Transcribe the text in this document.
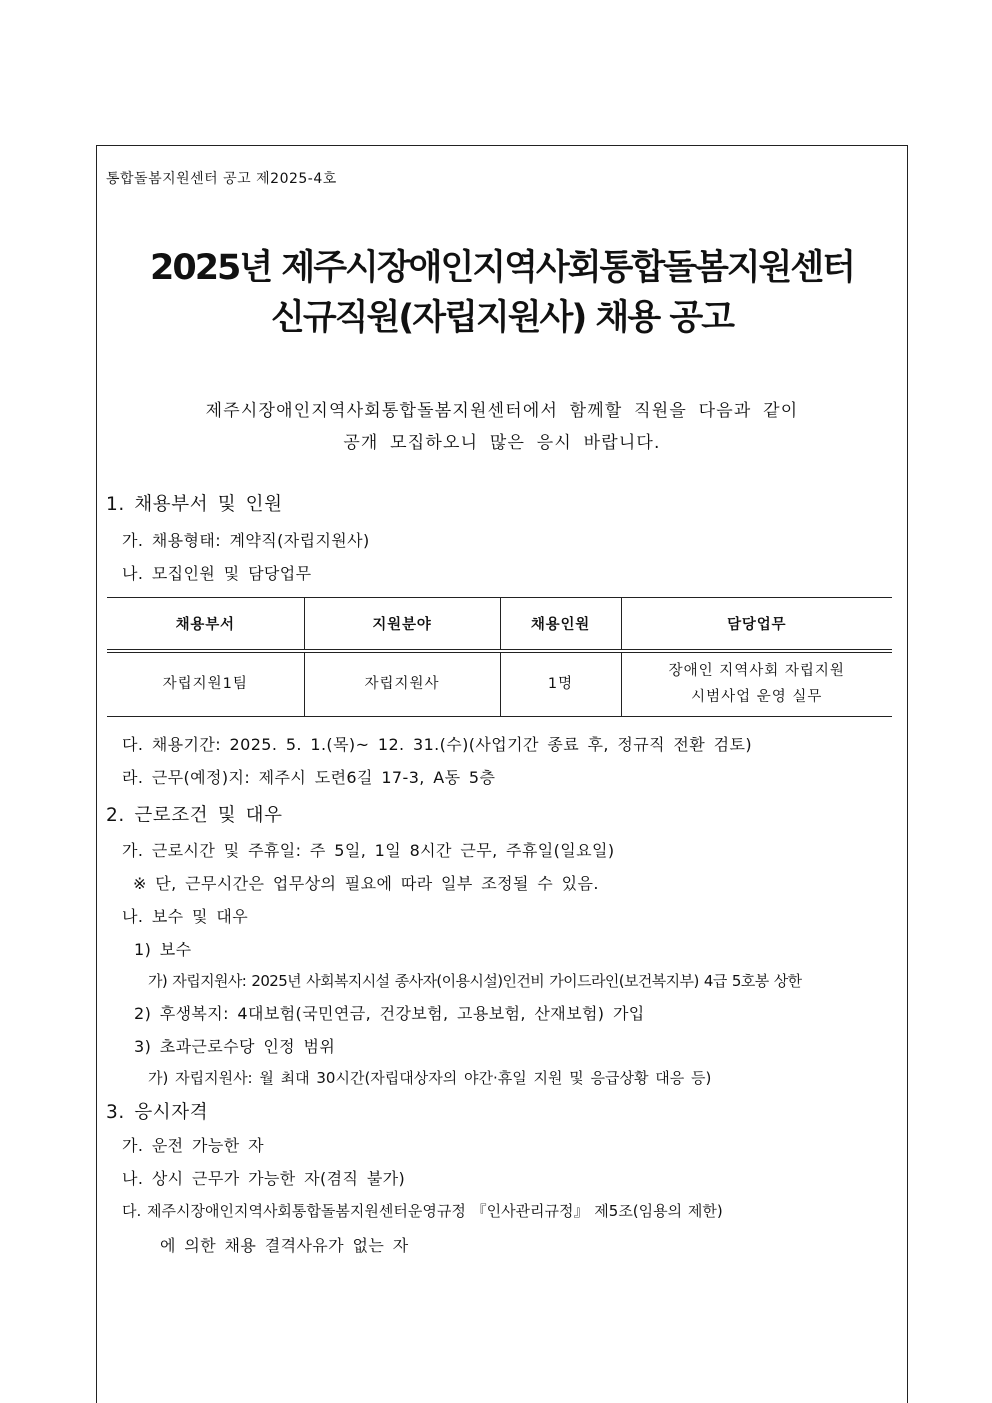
통합돌봄지원센터 공고 제2025-4호
2025년 제주시장애인지역사회통합돌봄지원센터
신규직원(자립지원사) 채용 공고
제주시장애인지역사회통합돌봄지원센터에서 함께할 직원을 다음과 같이
공개 모집하오니 많은 응시 바랍니다.
1. 채용부서 및 인원
가. 채용형태: 계약직(자립지원사)
나. 모집인원 및 담당업무
채용부서	지원분야	채용인원	담당업무
자립지원1팀	자립지원사	1명	장애인 지역사회 자립지원
시범사업 운영 실무
다. 채용기간: 2025. 5. 1.(목)~ 12. 31.(수)(사업기간 종료 후, 정규직 전환 검토)
라. 근무(예정)지: 제주시 도련6길 17-3, A동 5층
2. 근로조건 및 대우
가. 근로시간 및 주휴일: 주 5일, 1일 8시간 근무, 주휴일(일요일)
※ 단, 근무시간은 업무상의 필요에 따라 일부 조정될 수 있음.
나. 보수 및 대우
1) 보수
가) 자립지원사: 2025년 사회복지시설 종사자(이용시설)인건비 가이드라인(보건복지부) 4급 5호봉 상한
2) 후생복지: 4대보험(국민연금, 건강보험, 고용보험, 산재보험) 가입
3) 초과근로수당 인정 범위
가) 자립지원사: 월 최대 30시간(자립대상자의 야간·휴일 지원 및 응급상황 대응 등)
3. 응시자격
가. 운전 가능한 자
나. 상시 근무가 가능한 자(겸직 불가)
다. 제주시장애인지역사회통합돌봄지원센터운영규정 『인사관리규정』 제5조(임용의 제한)
에 의한 채용 결격사유가 없는 자
